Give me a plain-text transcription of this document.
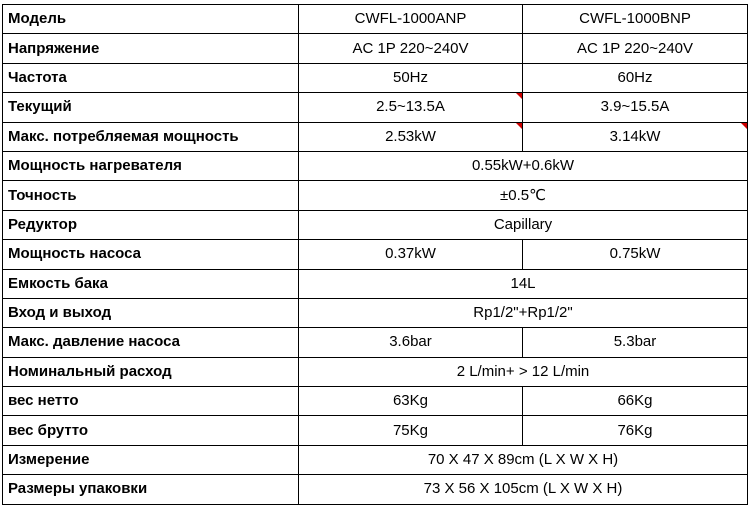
Модель	CWFL-1000ANP	CWFL-1000BNP
Напряжение	AC 1P 220~240V	AC 1P 220~240V
Частота	50Hz	60Hz
Текущий	2.5~13.5A	3.9~15.5A
Макс. потребляемая мощность	2.53kW	3.14kW

Мощность нагревателя	0.55kW+0.6kW	
Точность	±0.5℃	
Редуктор	Capillary	
Мощность насоса	0.37kW	0.75kW
Емкость бака	14L	
Вход и выход	Rp1/2"+Rp1/2"	
Макс. давление насоса	3.6bar	5.3bar
Номинальный расход	2 L/min+ > 12 L/min	
вес нетто	63Kg	66Kg
вес брутто	75Kg	76Kg
Измерение	70 X 47 X 89cm (L X W X H)	
Размеры упаковки	73 X 56 X 105cm (L X W X H)	
